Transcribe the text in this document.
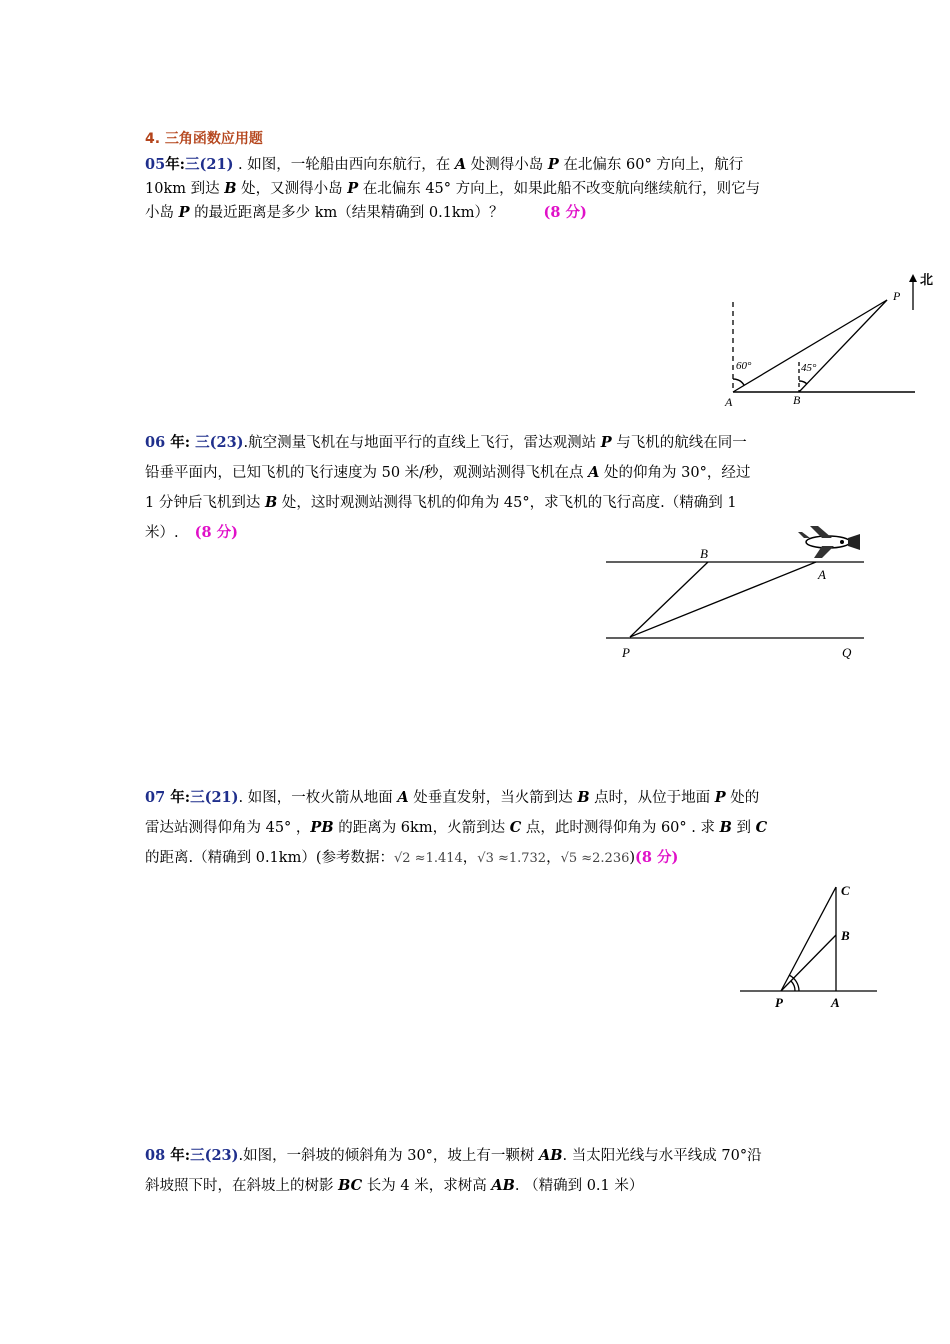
4. 三角函数应用题
05年:三(21) . 如图，一轮船由西向东航行，在 A 处测得小岛 P 在北偏东 60° 方向上，航行
10km 到达 B 处，又测得小岛 P 在北偏东 45° 方向上，如果此船不改变航向继续航行，则它与
小岛 P 的最近距离是多少 km（结果精确到 0.1km）？	(8 分)
60°	45°
A	B
P
北
06 年: 三(23).航空测量飞机在与地面平行的直线上飞行，雷达观测站 P 与飞机的航线在同一
铅垂平面内，已知飞机的飞行速度为 50 米/秒，观测站测得飞机在点 A 处的仰角为 30°，经过
1 分钟后飞机到达 B 处，这时观测站测得飞机的仰角为 45°，求飞机的飞行高度.（精确到 1
米）. (8 分)
B
A
P	Q
07 年:三(21). 如图，一枚火箭从地面 A 处垂直发射，当火箭到达 B 点时，从位于地面 P 处的
雷达站测得仰角为 45° ，PB 的距离为 6km，火箭到达 C 点，此时测得仰角为 60° . 求 B 到 C
的距离.（精确到 0.1km）(参考数据：√2 ≈1.414，√3 ≈1.732，√5 ≈2.236)(8 分)
C
B
P	A
08 年:三(23).如图，一斜坡的倾斜角为 30°，坡上有一颗树 AB. 当太阳光线与水平线成 70°沿
斜坡照下时，在斜坡上的树影 BC 长为 4 米，求树高 AB. （精确到 0.1 米）
